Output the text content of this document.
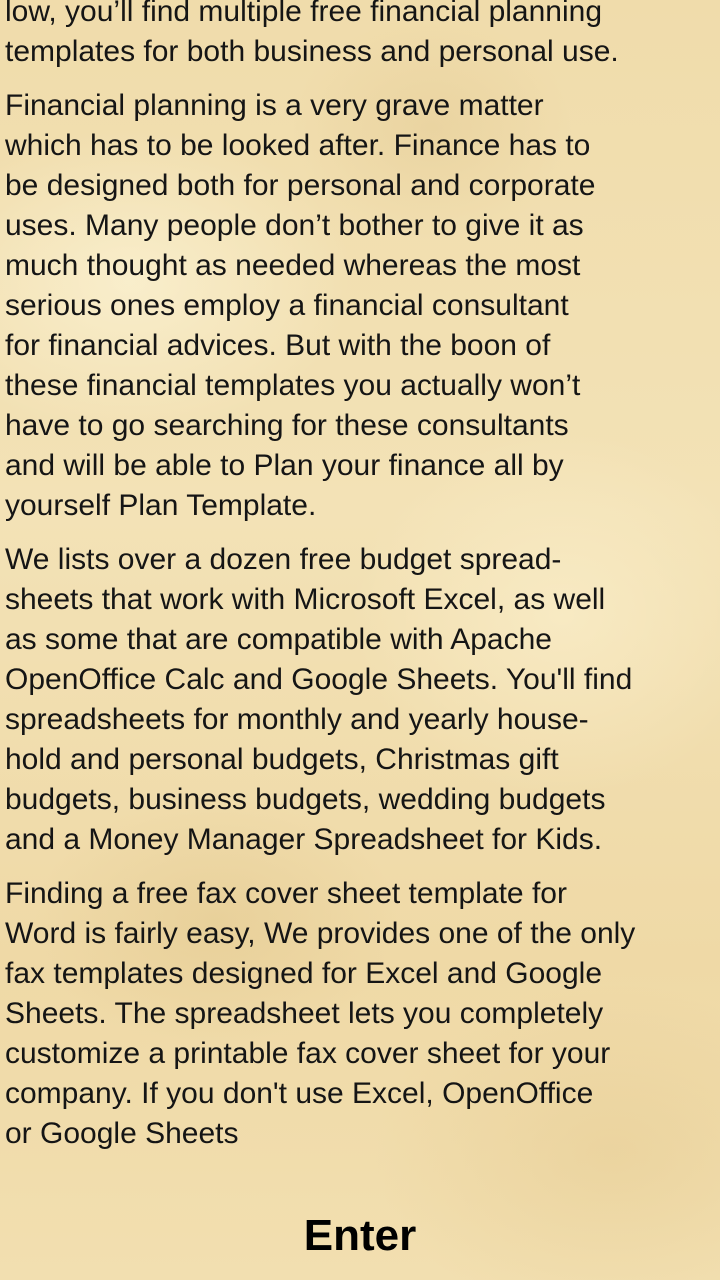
low, you’ll find multiple free financial planning
templates for both business and personal use.

Financial planning is a very grave matter
which has to be looked after. Finance has to
be designed both for personal and corporate
uses. Many people don’t bother to give it as
much thought as needed whereas the most
serious ones employ a financial consultant
for financial advices. But with the boon of
these financial templates you actually won’t
have to go searching for these consultants
and will be able to Plan your finance all by
yourself Plan Template.

We lists over a dozen free budget spread-
sheets that work with Microsoft Excel, as well
as some that are compatible with Apache
OpenOffice Calc and Google Sheets. You'll find
spreadsheets for monthly and yearly house-
hold and personal budgets, Christmas gift
budgets, business budgets, wedding budgets
and a Money Manager Spreadsheet for Kids.

Finding a free fax cover sheet template for
Word is fairly easy, We provides one of the only
fax templates designed for Excel and Google
Sheets. The spreadsheet lets you completely
customize a printable fax cover sheet for your
company. If you don't use Excel, OpenOffice
or Google Sheets

Enter
